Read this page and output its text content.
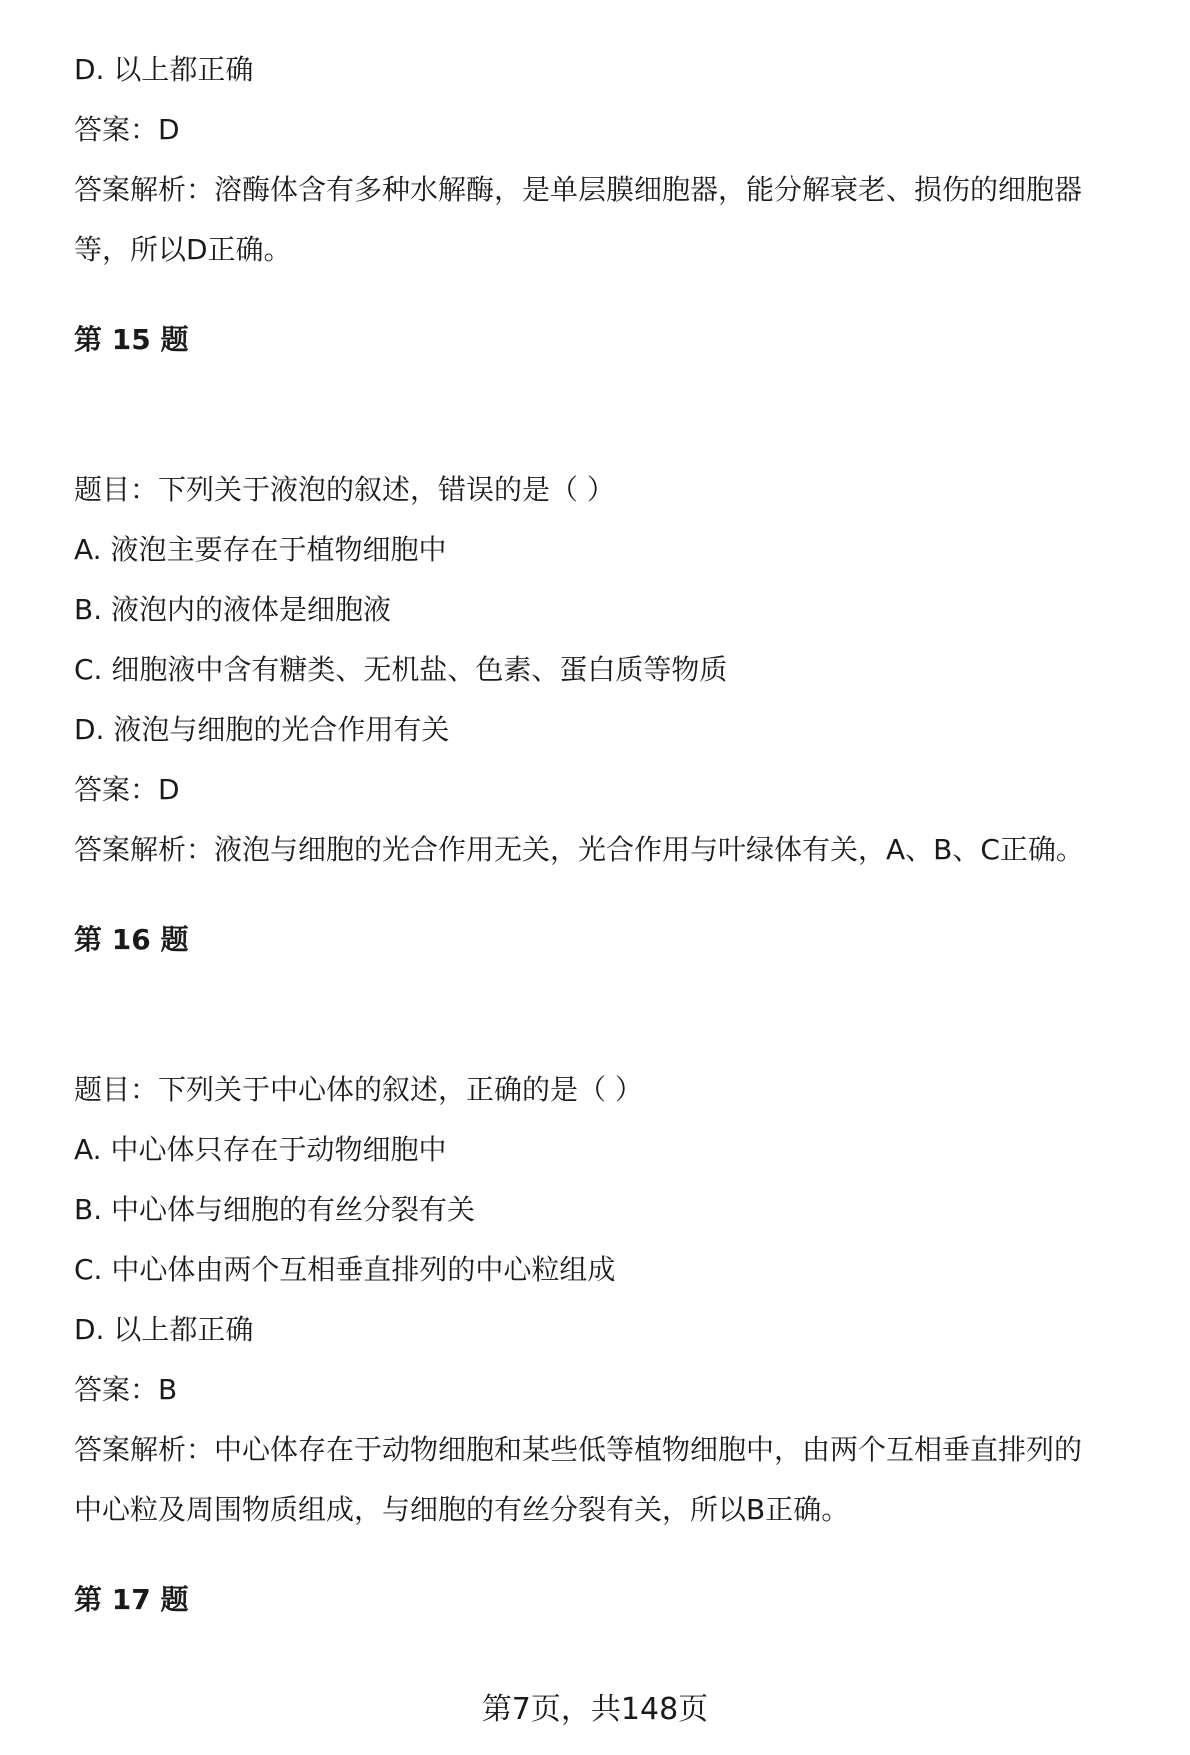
D. 以上都正确
答案：D
答案解析：溶酶体含有多种水解酶，是单层膜细胞器，能分解衰老、损伤的细胞器
等，所以D正确。
第 15 题
题目：下列关于液泡的叙述，错误的是（ ）
A. 液泡主要存在于植物细胞中
B. 液泡内的液体是细胞液
C. 细胞液中含有糖类、无机盐、色素、蛋白质等物质
D. 液泡与细胞的光合作用有关
答案：D
答案解析：液泡与细胞的光合作用无关，光合作用与叶绿体有关，A、B、C正确。
第 16 题
题目：下列关于中心体的叙述，正确的是（ ）
A. 中心体只存在于动物细胞中
B. 中心体与细胞的有丝分裂有关
C. 中心体由两个互相垂直排列的中心粒组成
D. 以上都正确
答案：B
答案解析：中心体存在于动物细胞和某些低等植物细胞中，由两个互相垂直排列的
中心粒及周围物质组成，与细胞的有丝分裂有关，所以B正确。
第 17 题
第7页，共148页
